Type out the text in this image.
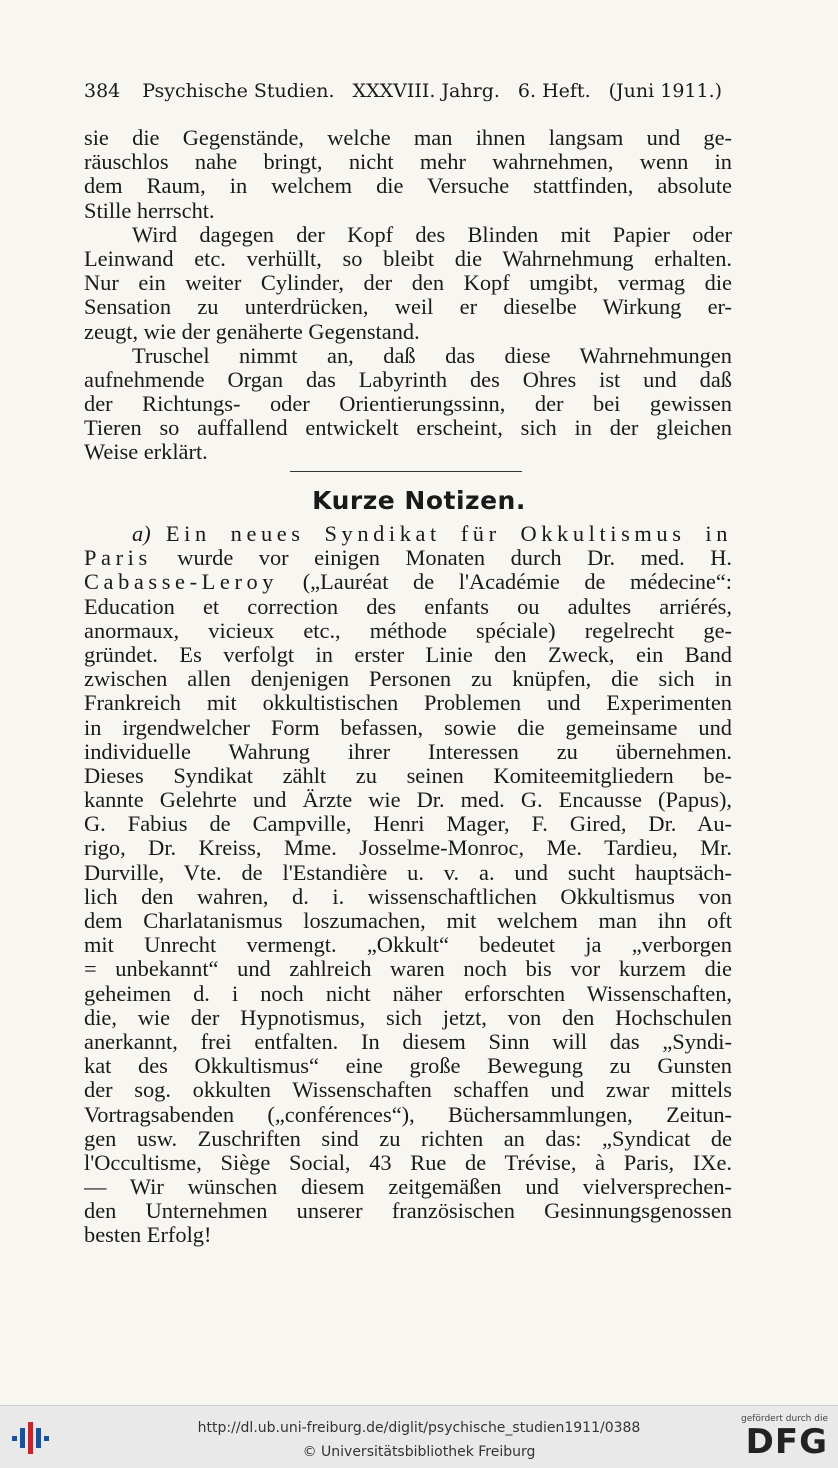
384 Psychische Studien. XXXVIII. Jahrg. 6. Heft. (Juni 1911.)
sie die Gegenstände, welche man ihnen langsam und ge-
räuschlos nahe bringt, nicht mehr wahrnehmen, wenn in
dem Raum, in welchem die Versuche stattfinden, absolute
Stille herrscht.
Wird dagegen der Kopf des Blinden mit Papier oder
Leinwand etc. verhüllt, so bleibt die Wahrnehmung erhalten.
Nur ein weiter Cylinder, der den Kopf umgibt, vermag die
Sensation zu unterdrücken, weil er dieselbe Wirkung er-
zeugt, wie der genäherte Gegenstand.
Truschel nimmt an, daß das diese Wahrnehmungen
aufnehmende Organ das Labyrinth des Ohres ist und daß
der Richtungs- oder Orientierungssinn, der bei gewissen
Tieren so auffallend entwickelt erscheint, sich in der gleichen
Weise erklärt.
Kurze Notizen.
a) Ein neues Syndikat für Okkultismus in
Paris wurde vor einigen Monaten durch Dr. med. H.
Cabasse-Leroy („Lauréat de l'Académie de médecine“:
Education et correction des enfants ou adultes arriérés,
anormaux, vicieux etc., méthode spéciale) regelrecht ge-
gründet. Es verfolgt in erster Linie den Zweck, ein Band
zwischen allen denjenigen Personen zu knüpfen, die sich in
Frankreich mit okkultistischen Problemen und Experimenten
in irgendwelcher Form befassen, sowie die gemeinsame und
individuelle Wahrung ihrer Interessen zu übernehmen.
Dieses Syndikat zählt zu seinen Komiteemitgliedern be-
kannte Gelehrte und Ärzte wie Dr. med. G. Encausse (Papus),
G. Fabius de Campville, Henri Mager, F. Gired, Dr. Au-
rigo, Dr. Kreiss, Mme. Josselme-Monroc, Me. Tardieu, Mr.
Durville, Vte. de l'Estandière u. v. a. und sucht hauptsäch-
lich den wahren, d. i. wissenschaftlichen Okkultismus von
dem Charlatanismus loszumachen, mit welchem man ihn oft
mit Unrecht vermengt. „Okkult“ bedeutet ja „verborgen
= unbekannt“ und zahlreich waren noch bis vor kurzem die
geheimen d. i noch nicht näher erforschten Wissenschaften,
die, wie der Hypnotismus, sich jetzt, von den Hochschulen
anerkannt, frei entfalten. In diesem Sinn will das „Syndi-
kat des Okkultismus“ eine große Bewegung zu Gunsten
der sog. okkulten Wissenschaften schaffen und zwar mittels
Vortragsabenden („conférences“), Büchersammlungen, Zeitun-
gen usw. Zuschriften sind zu richten an das: „Syndicat de
l'Occultisme, Siège Social, 43 Rue de Trévise, à Paris, IXe.
— Wir wünschen diesem zeitgemäßen und vielversprechen-
den Unternehmen unserer französischen Gesinnungsgenossen
besten Erfolg!
http://dl.ub.uni-freiburg.de/diglit/psychische_studien1911/0388
© Universitätsbibliothek Freiburg
gefördert durch die
DFG
